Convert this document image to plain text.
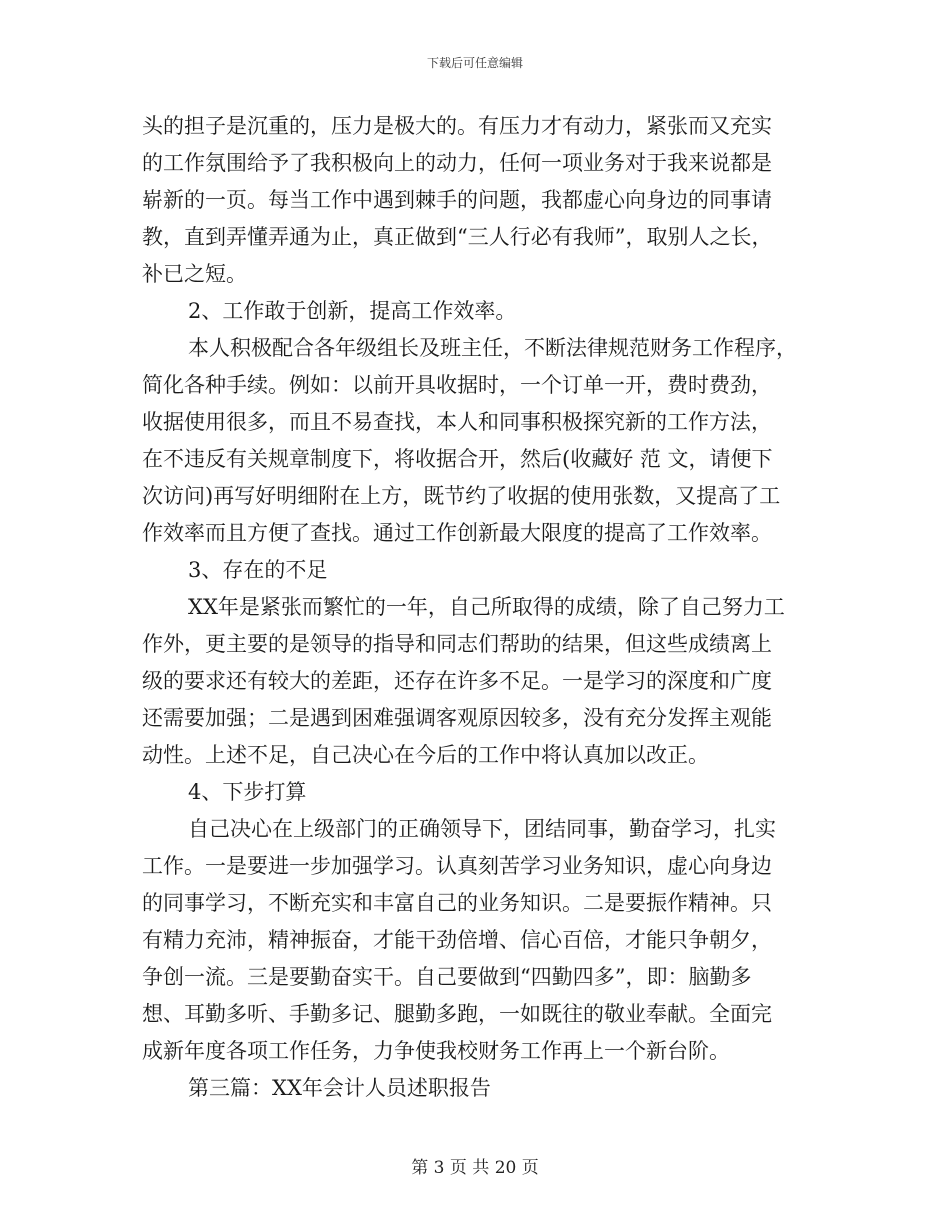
下载后可任意编辑
头的担子是沉重的，压力是极大的。有压力才有动力，紧张而又充实
的工作氛围给予了我积极向上的动力，任何一项业务对于我来说都是
崭新的一页。每当工作中遇到棘手的问题，我都虚心向身边的同事请
教，直到弄懂弄通为止，真正做到“三人行必有我师”，取别人之长，
补已之短。
2、工作敢于创新，提高工作效率。
本人积极配合各年级组长及班主任，不断法律规范财务工作程序，
简化各种手续。例如：以前开具收据时，一个订单一开，费时费劲，
收据使用很多，而且不易查找，本人和同事积极探究新的工作方法，
在不违反有关规章制度下，将收据合开，然后(收藏好 范 文，请便下
次访问)再写好明细附在上方，既节约了收据的使用张数，又提高了工
作效率而且方便了查找。通过工作创新最大限度的提高了工作效率。
3、存在的不足
XX年是紧张而繁忙的一年，自己所取得的成绩，除了自己努力工
作外，更主要的是领导的指导和同志们帮助的结果，但这些成绩离上
级的要求还有较大的差距，还存在许多不足。一是学习的深度和广度
还需要加强；二是遇到困难强调客观原因较多，没有充分发挥主观能
动性。上述不足，自己决心在今后的工作中将认真加以改正。
4、下步打算
自己决心在上级部门的正确领导下，团结同事，勤奋学习，扎实
工作。一是要进一步加强学习。认真刻苦学习业务知识，虚心向身边
的同事学习，不断充实和丰富自己的业务知识。二是要振作精神。只
有精力充沛，精神振奋，才能干劲倍增、信心百倍，才能只争朝夕，
争创一流。三是要勤奋实干。自己要做到“四勤四多”，即：脑勤多
想、耳勤多听、手勤多记、腿勤多跑，一如既往的敬业奉献。全面完
成新年度各项工作任务，力争使我校财务工作再上一个新台阶。
第三篇：XX年会计人员述职报告
第 3 页 共 20 页
